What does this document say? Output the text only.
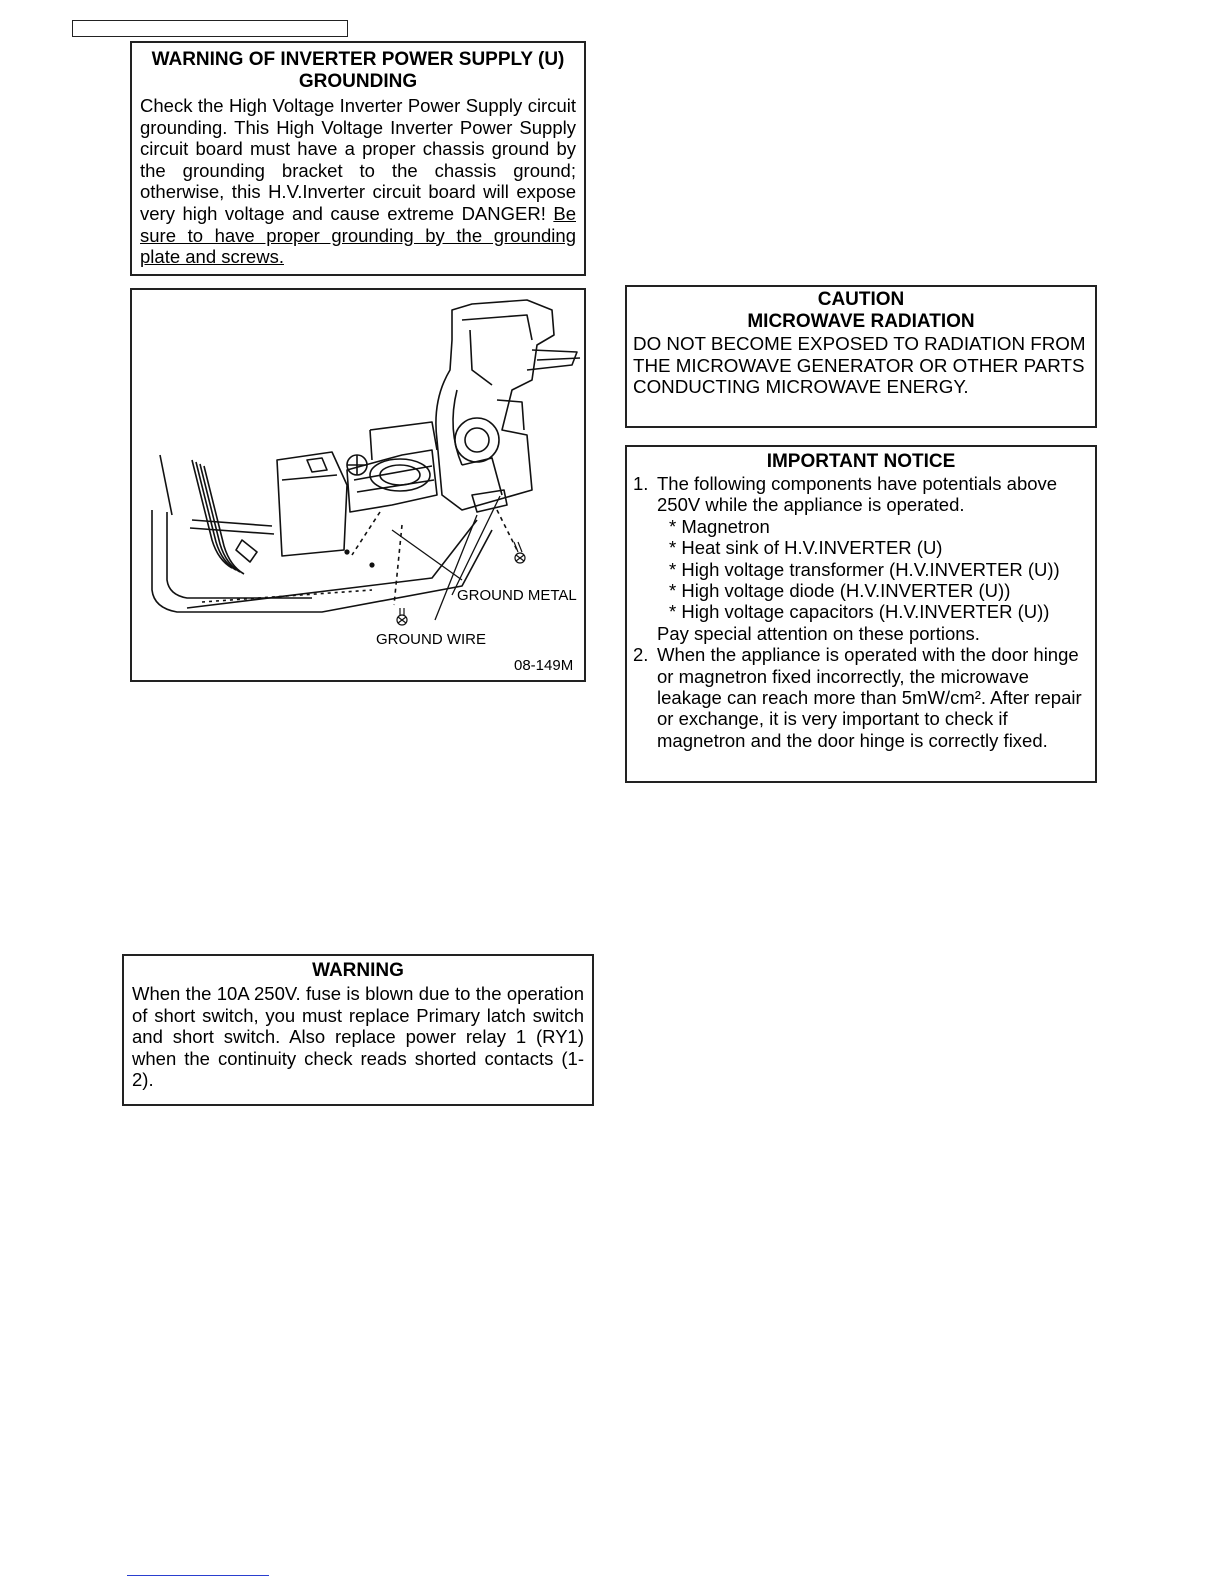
WARNING OF INVERTER POWER SUPPLY (U)
GROUNDING
Check the High Voltage Inverter Power Supply circuit grounding. This High Voltage Inverter Power Supply circuit board must have a proper chassis ground by the grounding bracket to the chassis ground; otherwise, this H.V.Inverter circuit board will expose very high voltage and cause extreme DANGER! Be sure to have proper grounding by the grounding plate and screws.
GROUND METAL
GROUND WIRE
08-149M
CAUTION
MICROWAVE RADIATION
DO NOT BECOME EXPOSED TO RADIATION FROM THE MICROWAVE GENERATOR OR OTHER PARTS CONDUCTING MICROWAVE ENERGY.
IMPORTANT NOTICE
1. The following components have potentials above 250V while the appliance is operated.
* Magnetron
* Heat sink of H.V.INVERTER (U)
* High voltage transformer (H.V.INVERTER (U))
* High voltage diode (H.V.INVERTER (U))
* High voltage capacitors (H.V.INVERTER (U))
Pay special attention on these portions.
2. When the appliance is operated with the door hinge or magnetron fixed incorrectly, the microwave leakage can reach more than 5mW/cm². After repair or exchange, it is very important to check if magnetron and the door hinge is correctly fixed.
WARNING
When the 10A 250V. fuse is blown due to the operation of short switch, you must replace Primary latch switch and short switch. Also replace power relay 1 (RY1) when the continuity check reads shorted contacts (1-2).
